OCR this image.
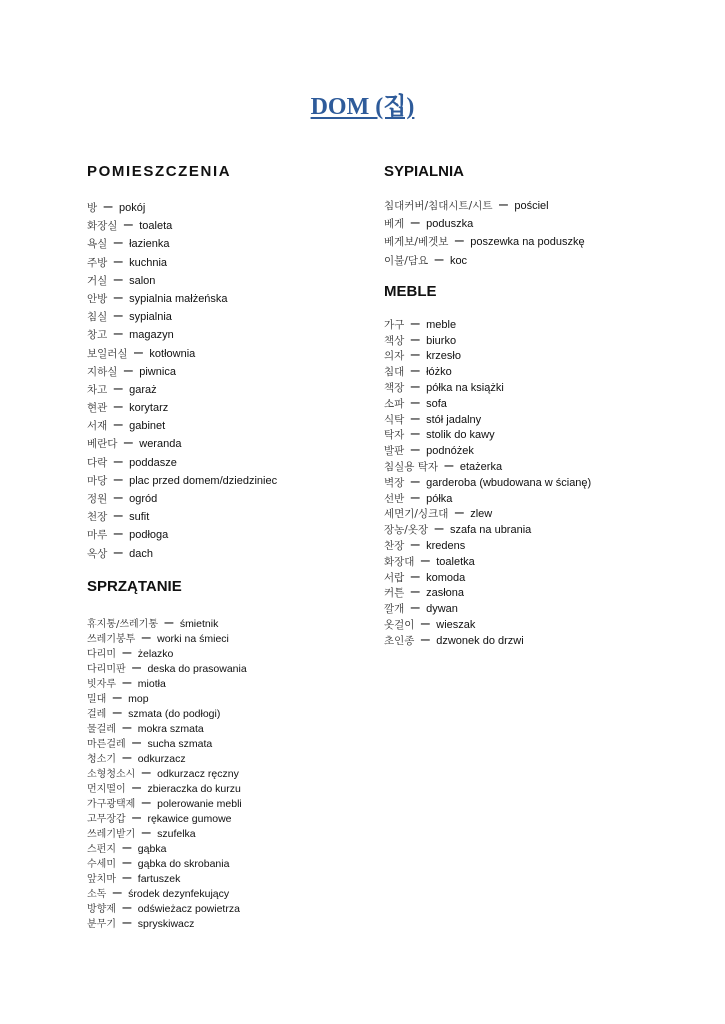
DOM (집)
POMIESZCZENIA
방 – pokój
화장실 – toaleta
욕실 – łazienka
주방 – kuchnia
거실 – salon
안방 – sypialnia małżeńska
침실 – sypialnia
창고 – magazyn
보일러실 – kotłownia
지하실 – piwnica
차고 – garaż
현관 – korytarz
서재 – gabinet
베란다 – weranda
다락 – poddasze
마당 – plac przed domem/dziedziniec
정원 – ogród
천장 – sufit
마루 – podłoga
옥상 – dach
SPRZĄTANIE
휴지통/쓰레기통 – śmietnik
쓰레기봉투 – worki na śmieci
다리미 – żelazko
다리미판 – deska do prasowania
빗자루 – miotła
밀대 – mop
걸레 – szmata (do podłogi)
물걸레 – mokra szmata
마른걸레 – sucha szmata
청소기 – odkurzacz
소형청소시 – odkurzacz ręczny
먼지떨이 – zbieraczka do kurzu
가구광택제 – polerowanie mebli
고무장갑 – rękawice gumowe
쓰레기받기 – szufelka
스펀지 – gąbka
수세미 – gąbka do skrobania
앞치마 – fartuszek
소독 – środek dezynfekujący
방향제 – odświeżacz powietrza
분무기 – spryskiwacz
SYPIALNIA
침대커버/침대시트/시트 – pościel
베게 – poduszka
베게보/베겟보 – poszewka na poduszkę
이불/담요 – koc
MEBLE
가구 – meble
책상 – biurko
의자 – krzesło
침대 – łóżko
책장 – półka na książki
소파 – sofa
식탁 – stół jadalny
탁자 – stolik do kawy
발판 – podnóżek
침실용 탁자 – etażerka
벽장 – garderoba (wbudowana w ścianę)
선반 – półka
세면기/싱크대 – zlew
장농/옷장 – szafa na ubrania
찬장 – kredens
화장대 – toaletka
서랍 – komoda
커튼 – zasłona
깔개 – dywan
옷걸이 – wieszak
초인종 – dzwonek do drzwi
